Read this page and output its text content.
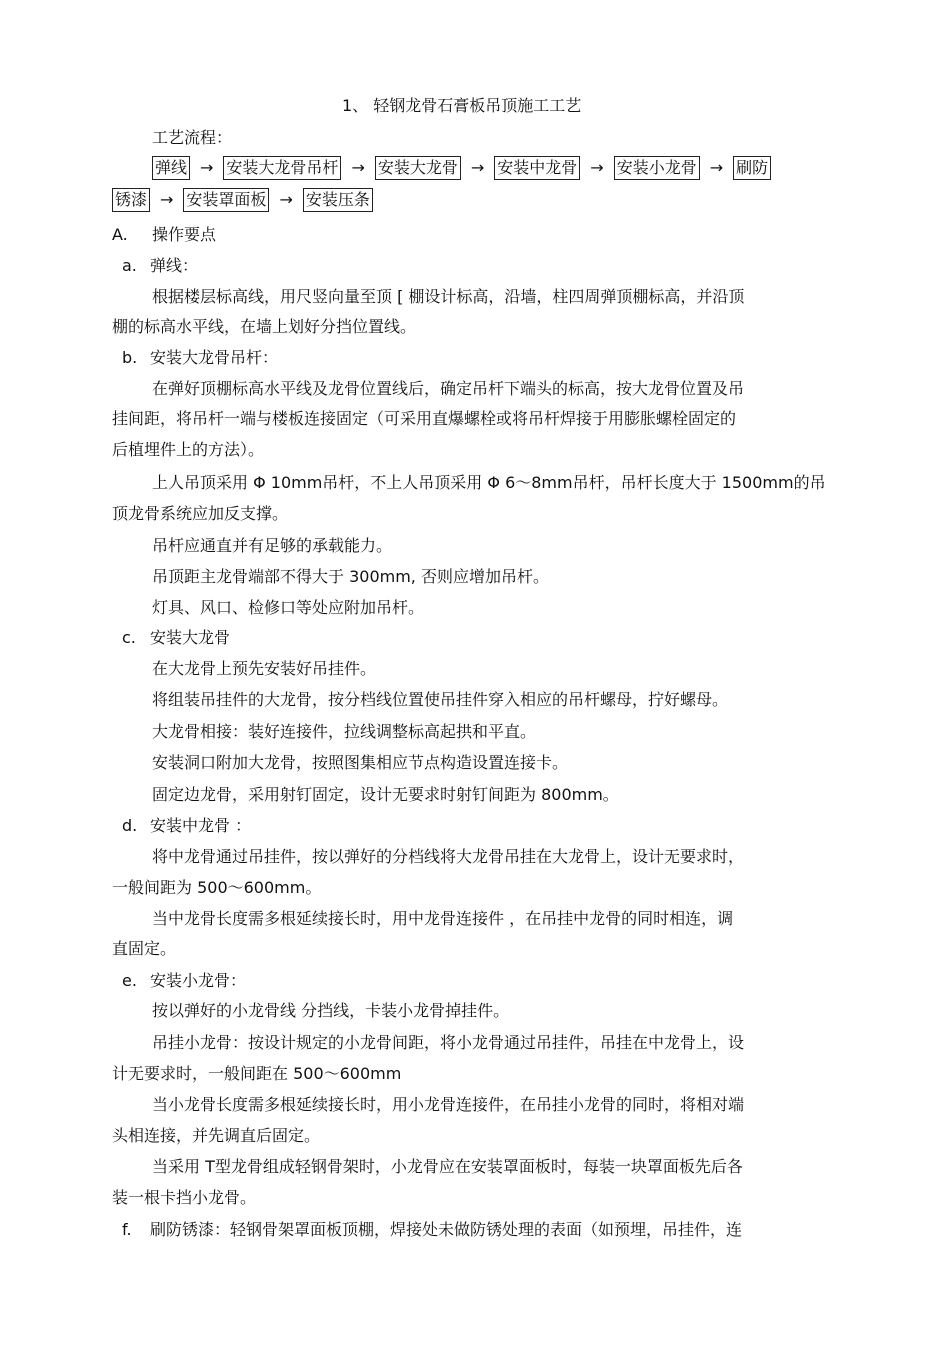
1、 轻钢龙骨石膏板吊顶施工工艺
工艺流程：
弹线 → 安装大龙骨吊杆 → 安装大龙骨 → 安装中龙骨 → 安装小龙骨 → 刷防
锈漆 → 安装罩面板 → 安装压条
A. 操作要点
a. 弹线：
根据楼层标高线，用尺竖向量至顶 [ 棚设计标高，沿墙，柱四周弹顶棚标高，并沿顶
棚的标高水平线，在墙上划好分挡位置线。
b. 安装大龙骨吊杆：
在弹好顶棚标高水平线及龙骨位置线后，确定吊杆下端头的标高，按大龙骨位置及吊
挂间距，将吊杆一端与楼板连接固定（可采用直爆螺栓或将吊杆焊接于用膨胀螺栓固定的
后植埋件上的方法）。
上人吊顶采用 Φ 10mm吊杆，不上人吊顶采用 Φ 6～8mm吊杆，吊杆长度大于 1500mm的吊
顶龙骨系统应加反支撑。
吊杆应通直并有足够的承载能力。
吊顶距主龙骨端部不得大于 300mm, 否则应增加吊杆。
灯具、风口、检修口等处应附加吊杆。
c. 安装大龙骨
在大龙骨上预先安装好吊挂件。
将组装吊挂件的大龙骨，按分档线位置使吊挂件穿入相应的吊杆螺母，拧好螺母。
大龙骨相接：装好连接件，拉线调整标高起拱和平直。
安装洞口附加大龙骨，按照图集相应节点构造设置连接卡。
固定边龙骨，采用射钉固定，设计无要求时射钉间距为 800mm。
d. 安装中龙骨 ：
将中龙骨通过吊挂件，按以弹好的分档线将大龙骨吊挂在大龙骨上，设计无要求时，
一般间距为 500～600mm。
当中龙骨长度需多根延续接长时，用中龙骨连接件 ，在吊挂中龙骨的同时相连，调
直固定。
e. 安装小龙骨：
按以弹好的小龙骨线 分挡线，卡装小龙骨掉挂件。
吊挂小龙骨：按设计规定的小龙骨间距，将小龙骨通过吊挂件，吊挂在中龙骨上，设
计无要求时，一般间距在 500～600mm
当小龙骨长度需多根延续接长时，用小龙骨连接件，在吊挂小龙骨的同时，将相对端
头相连接，并先调直后固定。
当采用 T型龙骨组成轻钢骨架时，小龙骨应在安装罩面板时，每装一块罩面板先后各
装一根卡挡小龙骨。
f. 刷防锈漆：轻钢骨架罩面板顶棚，焊接处未做防锈处理的表面（如预埋，吊挂件，连
